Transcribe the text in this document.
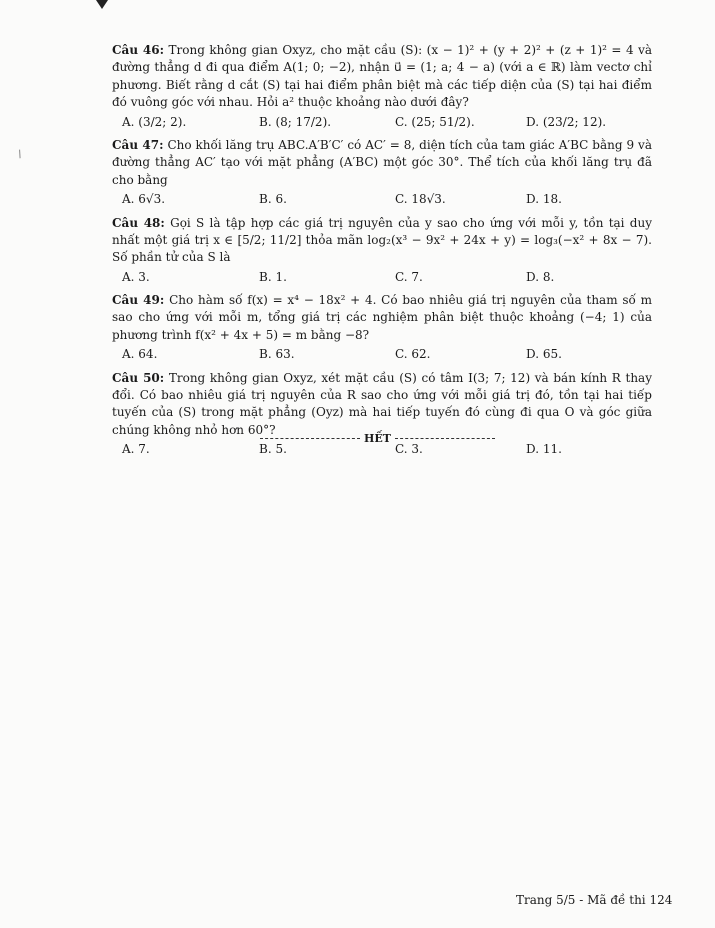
/

Câu 46: Trong không gian Oxyz, cho mặt cầu (S): (x − 1)² + (y + 2)² + (z + 1)² = 4 và đường thẳng d đi qua điểm A(1; 0; −2), nhận u⃗ = (1; a; 4 − a) (với a ∈ ℝ) làm vectơ chỉ phương. Biết rằng d cắt (S) tại hai điểm phân biệt mà các tiếp diện của (S) tại hai điểm đó vuông góc với nhau. Hỏi a² thuộc khoảng nào dưới đây?

A. (3/2; 2).	B. (8; 17/2).	C. (25; 51/2).	D. (23/2; 12).

Câu 47: Cho khối lăng trụ ABC.A′B′C′ có AC′ = 8, diện tích của tam giác A′BC bằng 9 và đường thẳng AC′ tạo với mặt phẳng (A′BC) một góc 30°. Thể tích của khối lăng trụ đã cho bằng

A. 6√3.	B. 6.	C. 18√3.	D. 18.

Câu 48: Gọi S là tập hợp các giá trị nguyên của y sao cho ứng với mỗi y, tồn tại duy nhất một giá trị x ∈ [5/2; 11/2] thỏa mãn log₂(x³ − 9x² + 24x + y) = log₃(−x² + 8x − 7). Số phần tử của S là

A. 3.	B. 1.	C. 7.	D. 8.

Câu 49: Cho hàm số f(x) = x⁴ − 18x² + 4. Có bao nhiêu giá trị nguyên của tham số m sao cho ứng với mỗi m, tổng giá trị các nghiệm phân biệt thuộc khoảng (−4; 1) của phương trình f(x² + 4x + 5) = m bằng −8?

A. 64.	B. 63.	C. 62.	D. 65.

Câu 50: Trong không gian Oxyz, xét mặt cầu (S) có tâm I(3; 7; 12) và bán kính R thay đổi. Có bao nhiêu giá trị nguyên của R sao cho ứng với mỗi giá trị đó, tồn tại hai tiếp tuyến của (S) trong mặt phẳng (Oyz) mà hai tiếp tuyến đó cùng đi qua O và góc giữa chúng không nhỏ hơn 60°?

A. 7.	B. 5.	C. 3.	D. 11.
HẾT
Trang 5/5 - Mã đề thi 124
